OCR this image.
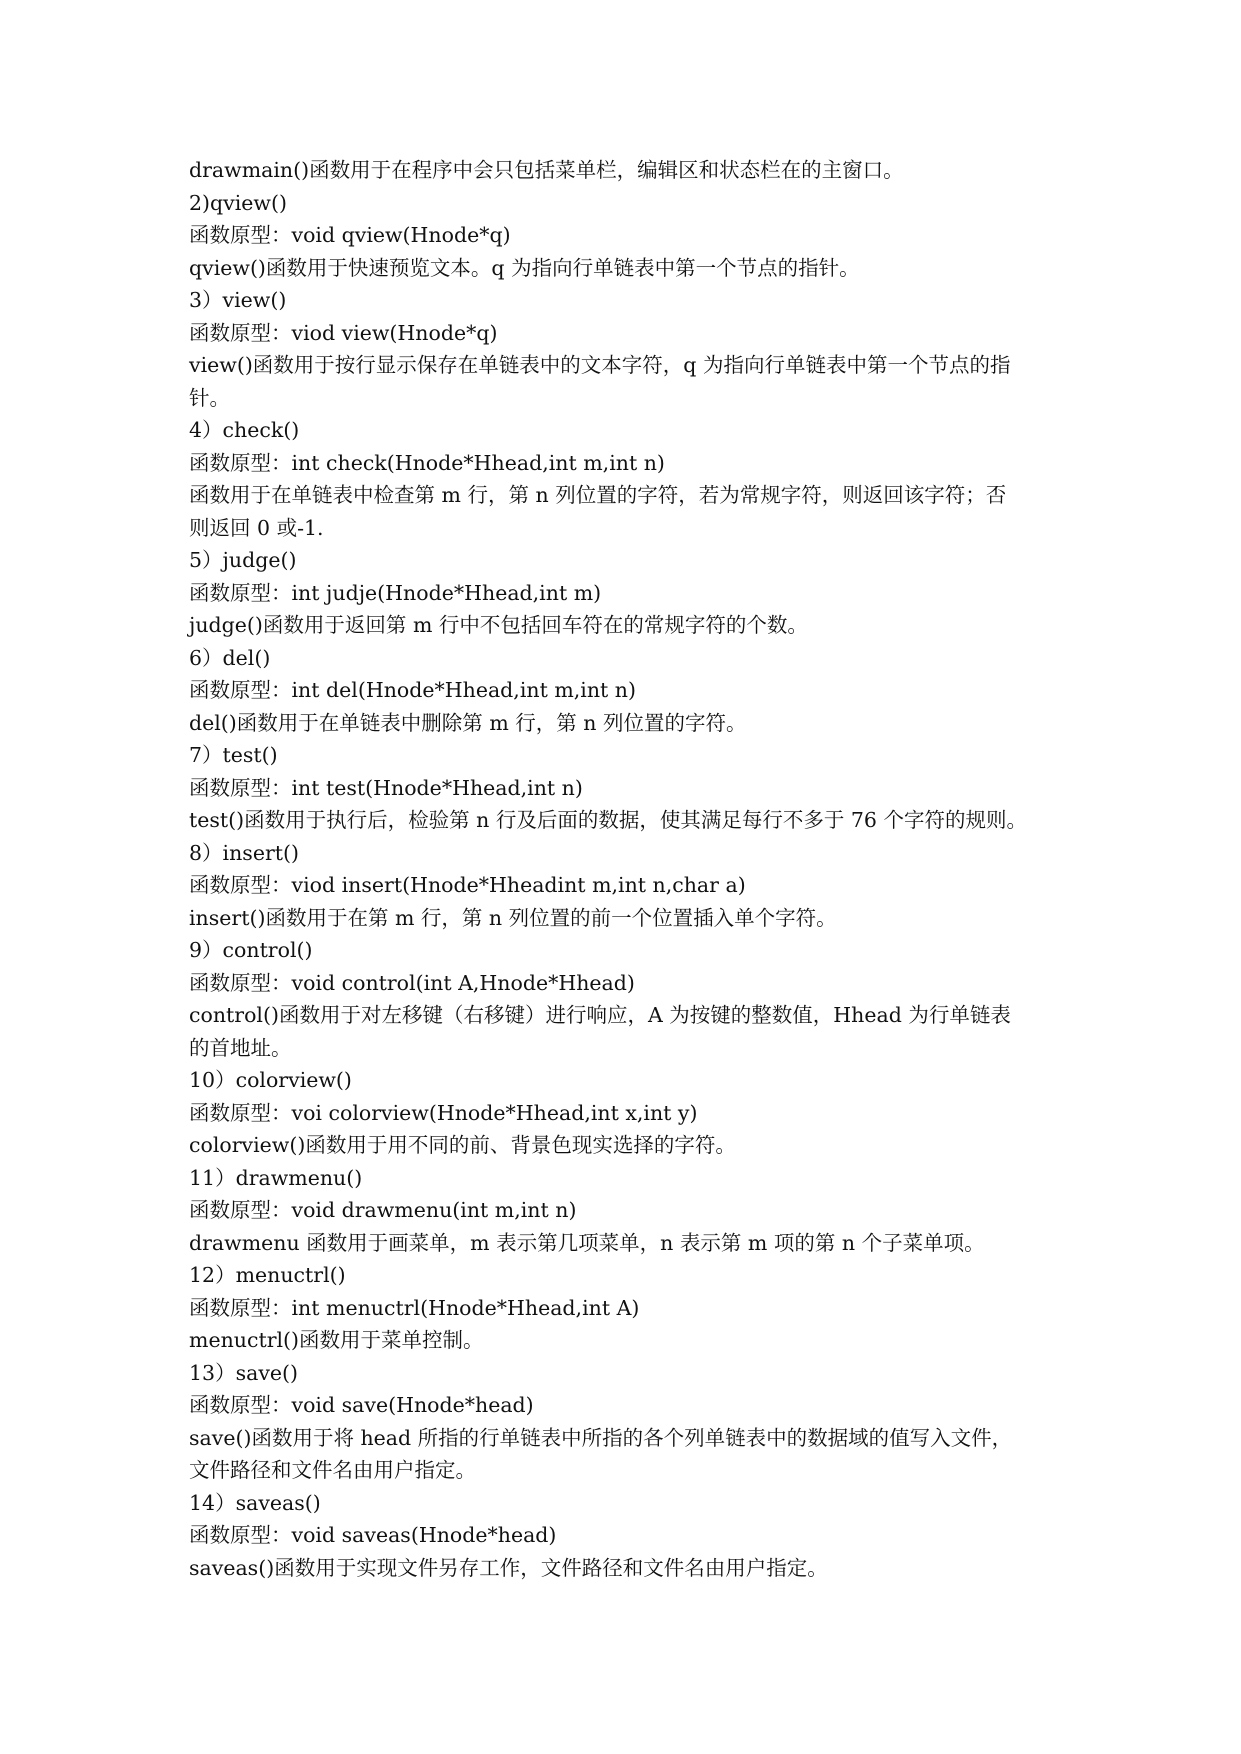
drawmain()函数用于在程序中会只包括菜单栏，编辑区和状态栏在的主窗口。

2)qview()

函数原型：void qview(Hnode*q)

qview()函数用于快速预览文本。q 为指向行单链表中第一个节点的指针。

3）view()

函数原型：viod view(Hnode*q)

view()函数用于按行显示保存在单链表中的文本字符，q 为指向行单链表中第一个节点的指

针。

4）check()

函数原型：int check(Hnode*Hhead,int m,int n)

函数用于在单链表中检查第 m 行，第 n 列位置的字符，若为常规字符，则返回该字符；否

则返回 0 或-1.

5）judge()

函数原型：int judje(Hnode*Hhead,int m)

judge()函数用于返回第 m 行中不包括回车符在的常规字符的个数。

6）del()

函数原型：int del(Hnode*Hhead,int m,int n)

del()函数用于在单链表中删除第 m 行，第 n 列位置的字符。

7）test()

函数原型：int test(Hnode*Hhead,int n)

test()函数用于执行后，检验第 n 行及后面的数据，使其满足每行不多于 76 个字符的规则。

8）insert()

函数原型：viod insert(Hnode*Hheadint m,int n,char a)

insert()函数用于在第 m 行，第 n 列位置的前一个位置插入单个字符。

9）control()

函数原型：void control(int A,Hnode*Hhead)

control()函数用于对左移键（右移键）进行响应，A 为按键的整数值，Hhead 为行单链表

的首地址。

10）colorview()

函数原型：voi colorview(Hnode*Hhead,int x,int y)

colorview()函数用于用不同的前、背景色现实选择的字符。

11）drawmenu()

函数原型：void drawmenu(int m,int n)

drawmenu 函数用于画菜单，m 表示第几项菜单，n 表示第 m 项的第 n 个子菜单项。

12）menuctrl()

函数原型：int menuctrl(Hnode*Hhead,int A)

menuctrl()函数用于菜单控制。

13）save()

函数原型：void save(Hnode*head)

save()函数用于将 head 所指的行单链表中所指的各个列单链表中的数据域的值写入文件，

文件路径和文件名由用户指定。

14）saveas()

函数原型：void saveas(Hnode*head)

saveas()函数用于实现文件另存工作，文件路径和文件名由用户指定。
